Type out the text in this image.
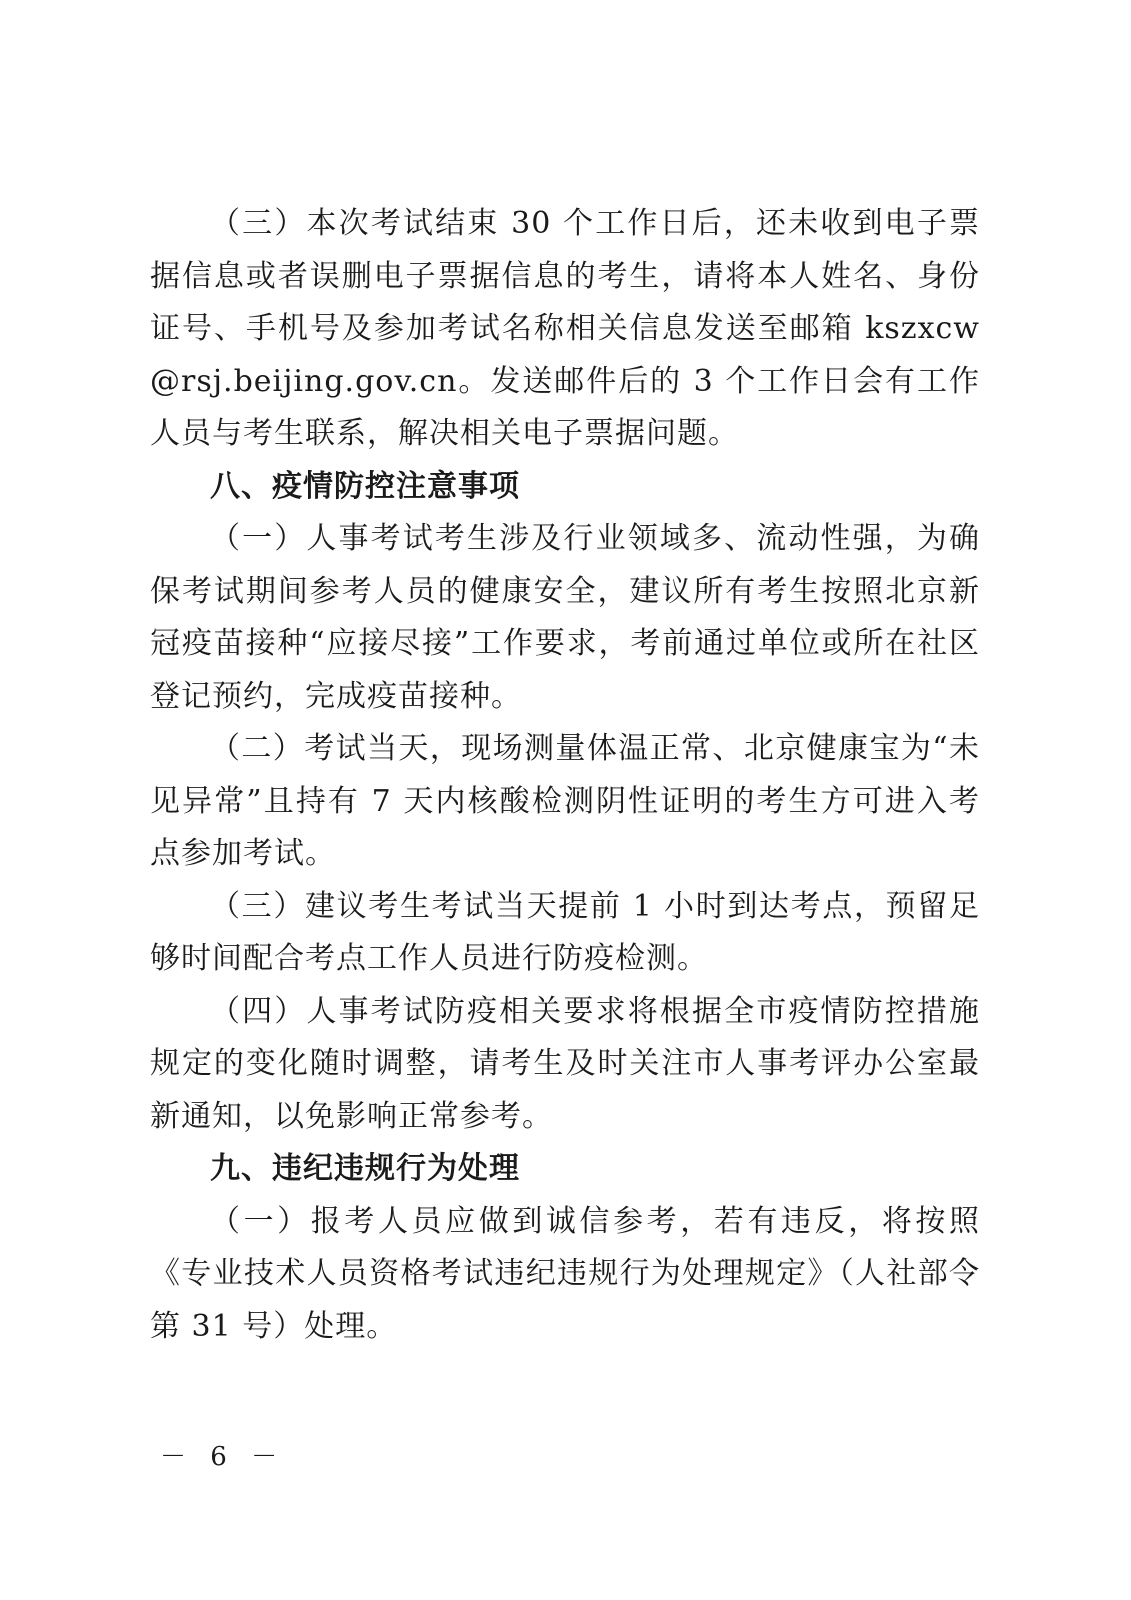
（三）本次考试结束 30 个工作日后，还未收到电子票据信息或者误删电子票据信息的考生，请将本人姓名、身份证号、手机号及参加考试名称相关信息发送至邮箱 kszxcw@rsj.beijing.gov.cn。发送邮件后的 3 个工作日会有工作人员与考生联系，解决相关电子票据问题。

八、疫情防控注意事项

（一）人事考试考生涉及行业领域多、流动性强，为确保考试期间参考人员的健康安全，建议所有考生按照北京新冠疫苗接种“应接尽接”工作要求，考前通过单位或所在社区登记预约，完成疫苗接种。

（二）考试当天，现场测量体温正常、北京健康宝为“未见异常”且持有 7 天内核酸检测阴性证明的考生方可进入考点参加考试。

（三）建议考生考试当天提前 1 小时到达考点，预留足够时间配合考点工作人员进行防疫检测。

（四）人事考试防疫相关要求将根据全市疫情防控措施规定的变化随时调整，请考生及时关注市人事考评办公室最新通知，以免影响正常参考。

九、违纪违规行为处理

（一）报考人员应做到诚信参考，若有违反，将按照《专业技术人员资格考试违纪违规行为处理规定》（人社部令第 31 号）处理。

－ 6 －
